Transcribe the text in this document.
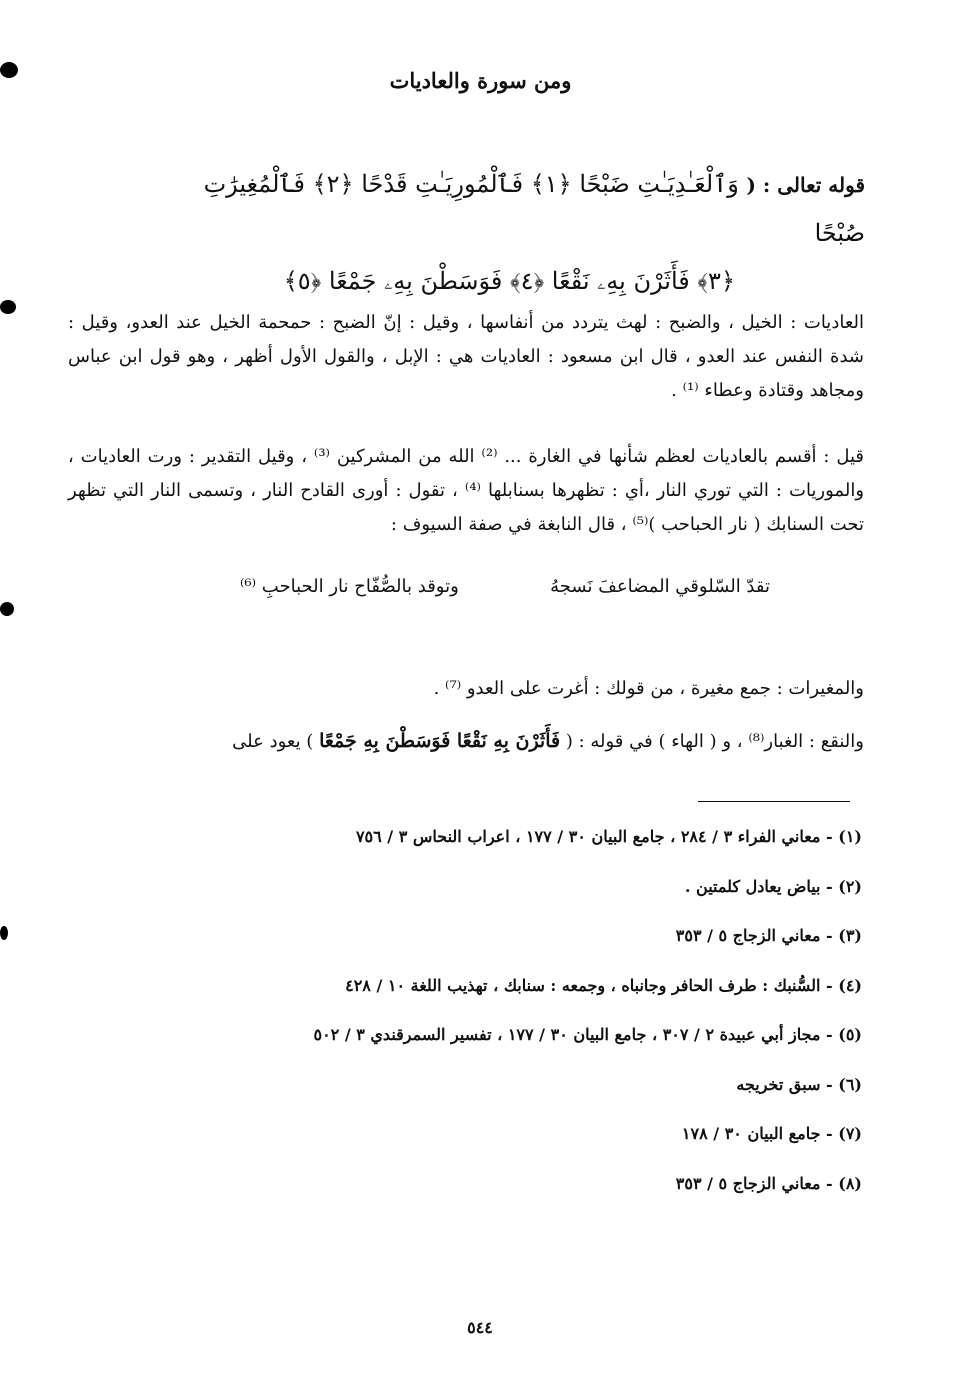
ومن سورة والعاديات
قوله تعالى : ( وَٱلْعَـٰدِيَـٰتِ ضَبْحًا ﴿١﴾ فَٱلْمُورِيَـٰتِ قَدْحًا ﴿٢﴾ فَٱلْمُغِيرَٰتِ صُبْحًا
﴿٣﴾ فَأَثَرْنَ بِهِۦ نَقْعًا ﴿٤﴾ فَوَسَطْنَ بِهِۦ جَمْعًا ﴿٥﴾

العاديات : الخيل ، والضبح : لهث يتردد من أنفاسها ، وقيل : إنّ الضبح : حمحمة الخيل عند العدو، وقيل : شدة النفس عند العدو ، قال ابن مسعود : العاديات هي : الإبل ، والقول الأول أظهر ، وهو قول ابن عباس ومجاهد وقتادة وعطاء ⁽¹⁾ .

قيل : أقسم بالعاديات لعظم شأنها في الغارة ... ⁽²⁾ الله من المشركين ⁽³⁾ ، وقيل التقدير : ورت العاديات ، والموريات : التي توري النار ،أي : تظهرها بسنابلها ⁽⁴⁾ ، تقول : أورى القادح النار ، وتسمى النار التي تظهر تحت السنابك ( نار الحباحب )⁽⁵⁾ ، قال النابغة في صفة السيوف :

تقدّ السّلوقي المضاعفَ نَسجهُ
وتوقد بالصُّفّاح نار الحباحبِ ⁽⁶⁾

والمغيرات : جمع مغيرة ، من قولك : أغرت على العدو ⁽⁷⁾ .

والنقع : الغبار⁽⁸⁾ ، و ( الهاء ) في قوله : ( فَأَثَرْنَ بِهِ نَقْعًا فَوَسَطْنَ بِهِ جَمْعًا ) يعود على

(١) - معاني الفراء ٣ / ٢٨٤ ، جامع البيان ٣٠ / ١٧٧ ، اعراب النحاس ٣ / ٧٥٦
(٢) - بياض يعادل كلمتين .
(٣) - معاني الزجاج ٥ / ٣٥٣
(٤) - السُّنبك : طرف الحافر وجانباه ، وجمعه : سنابك ، تهذيب اللغة ١٠ / ٤٢٨
(٥) - مجاز أبي عبيدة ٢ / ٣٠٧ ، جامع البيان ٣٠ / ١٧٧ ، تفسير السمرقندي ٣ / ٥٠٢
(٦) - سبق تخريجه
(٧) - جامع البيان ٣٠ / ١٧٨
(٨) - معاني الزجاج ٥ / ٣٥٣
٥٤٤
